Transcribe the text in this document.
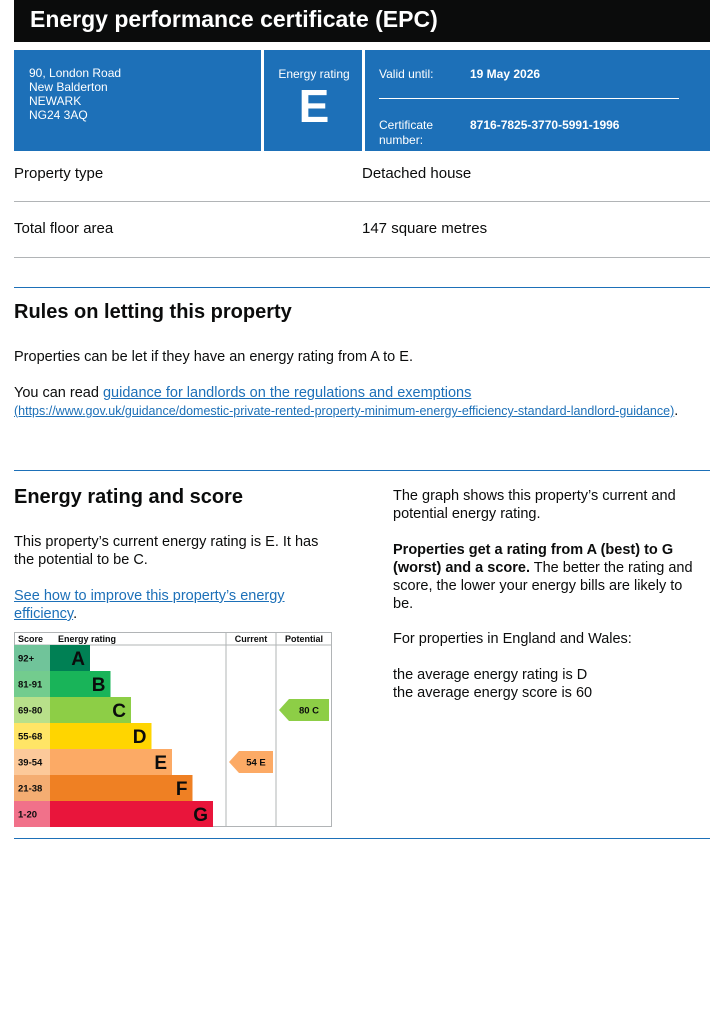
Energy performance certificate (EPC)
90, London Road
New Balderton
NEWARK
NG24 3AQ
Energy rating
E
Valid until:	19 May 2026
Certificate number:
8716-7825-3770-5991-1996
Property type	Detached house
Total floor area	147 square metres
Rules on letting this property
Properties can be let if they have an energy rating from A to E.
You can read guidance for landlords on the regulations and exemptions
(https://www.gov.uk/guidance/domestic-private-rented-property-minimum-energy-efficiency-standard-landlord-guidance).
Energy rating and score
This property’s current energy rating is E. It has the potential to be C.
See how to improve this property’s energy efficiency.
The graph shows this property’s current and potential energy rating.
Properties get a rating from A (best) to G (worst) and a score. The better the rating and score, the lower your energy bills are likely to be.
For properties in England and Wales:
the average energy rating is D
the average energy score is 60
Score Energy rating	Current Potential
92+ A
81-91	B
69-80	C
55-68	D
39-54	E
21-38	F
1-20	G
54 E
80 C
